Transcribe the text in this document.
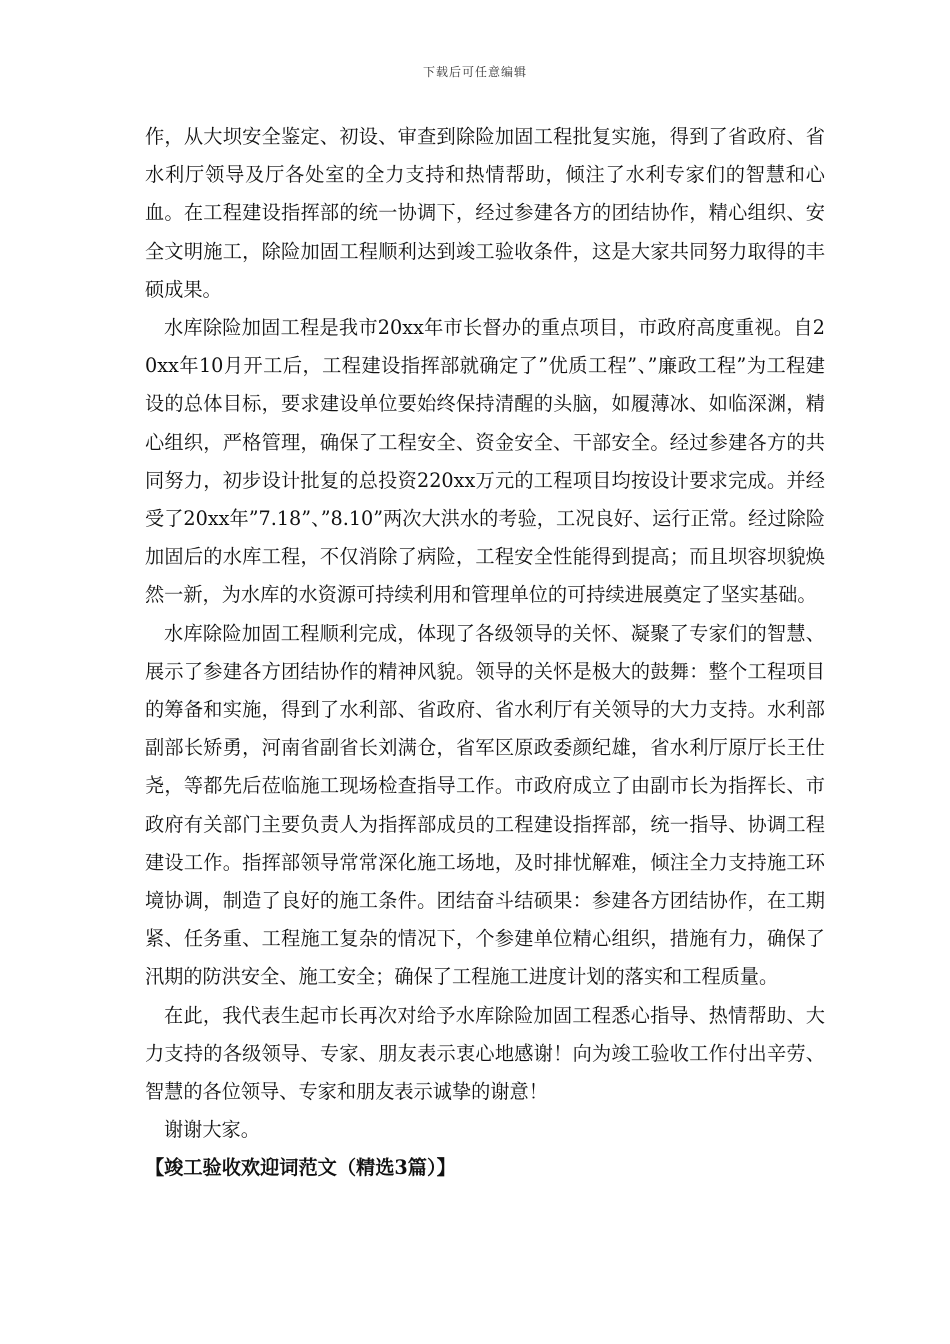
下载后可任意编辑

作，从大坝安全鉴定、初设、审查到除险加固工程批复实施，得到了省政府、省水利厅领导及厅各处室的全力支持和热情帮助，倾注了水利专家们的智慧和心血。在工程建设指挥部的统一协调下，经过参建各方的团结协作，精心组织、安全文明施工，除险加固工程顺利达到竣工验收条件，这是大家共同努力取得的丰硕成果。

水库除险加固工程是我市20xx年市长督办的重点项目，市政府高度重视。自20xx年10月开工后，工程建设指挥部就确定了”优质工程”、”廉政工程”为工程建设的总体目标，要求建设单位要始终保持清醒的头脑，如履薄冰、如临深渊，精心组织，严格管理，确保了工程安全、资金安全、干部安全。经过参建各方的共同努力，初步设计批复的总投资220xx万元的工程项目均按设计要求完成。并经受了20xx年”7.18”、”8.10”两次大洪水的考验，工况良好、运行正常。经过除险加固后的水库工程，不仅消除了病险，工程安全性能得到提高；而且坝容坝貌焕然一新，为水库的水资源可持续利用和管理单位的可持续进展奠定了坚实基础。

水库除险加固工程顺利完成，体现了各级领导的关怀、凝聚了专家们的智慧、展示了参建各方团结协作的精神风貌。领导的关怀是极大的鼓舞：整个工程项目的筹备和实施，得到了水利部、省政府、省水利厅有关领导的大力支持。水利部副部长矫勇，河南省副省长刘满仓，省军区原政委颜纪雄，省水利厅原厅长王仕尧，等都先后莅临施工现场检查指导工作。市政府成立了由副市长为指挥长、市政府有关部门主要负责人为指挥部成员的工程建设指挥部，统一指导、协调工程建设工作。指挥部领导常常深化施工场地，及时排忧解难，倾注全力支持施工环境协调，制造了良好的施工条件。团结奋斗结硕果：参建各方团结协作，在工期紧、任务重、工程施工复杂的情况下，个参建单位精心组织，措施有力，确保了汛期的防洪安全、施工安全；确保了工程施工进度计划的落实和工程质量。

在此，我代表生起市长再次对给予水库除险加固工程悉心指导、热情帮助、大力支持的各级领导、专家、朋友表示衷心地感谢！向为竣工验收工作付出辛劳、智慧的各位领导、专家和朋友表示诚挚的谢意！

谢谢大家。

【竣工验收欢迎词范文（精选3篇）】
